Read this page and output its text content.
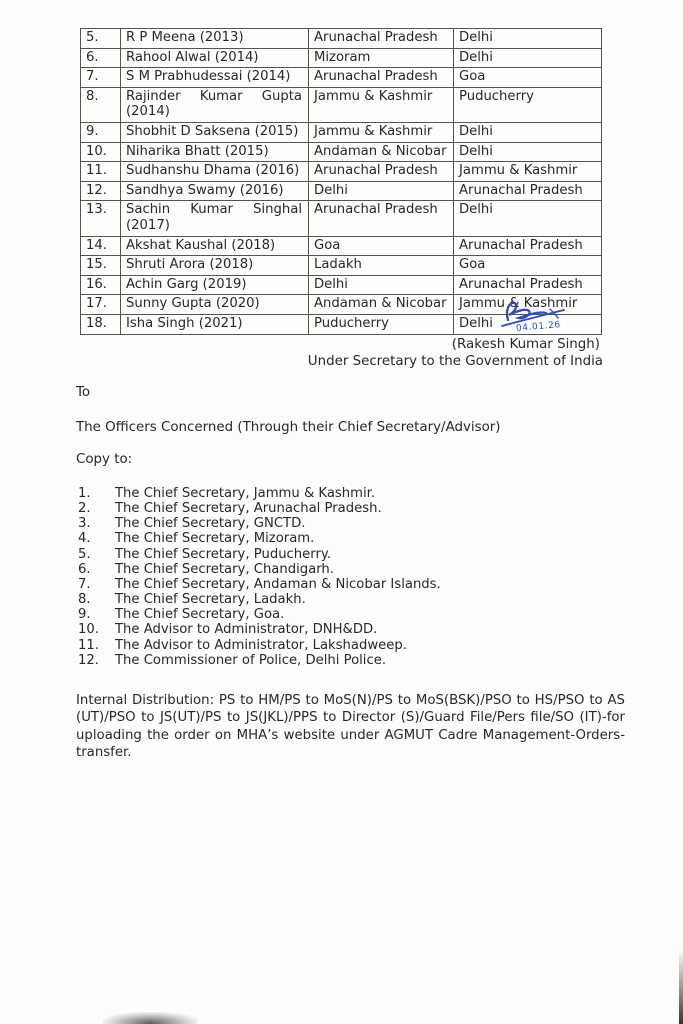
5.	R P Meena (2013)	Arunachal Pradesh	Delhi
6.	Rahool Alwal (2014)	Mizoram	Delhi
7.	S M Prabhudessai (2014)	Arunachal Pradesh	Goa
8.	Rajinder Kumar Gupta (2014)	Jammu & Kashmir	Puducherry
9.	Shobhit D Saksena (2015)	Jammu & Kashmir	Delhi
10.	Niharika Bhatt (2015)	Andaman & Nicobar	Delhi
11.	Sudhanshu Dhama (2016)	Arunachal Pradesh	Jammu & Kashmir
12.	Sandhya Swamy (2016)	Delhi	Arunachal Pradesh
13.	Sachin Kumar Singhal (2017)	Arunachal Pradesh	Delhi
14.	Akshat Kaushal (2018)	Goa	Arunachal Pradesh
15.	Shruti Arora (2018)	Ladakh	Goa
16.	Achin Garg (2019)	Delhi	Arunachal Pradesh
17.	Sunny Gupta (2020)	Andaman & Nicobar	Jammu & Kashmir
18.	Isha Singh (2021)	Puducherry	Delhi	04.01.26
(Rakesh Kumar Singh)
Under Secretary to the Government of India
To
The Officers Concerned (Through their Chief Secretary/Advisor)
Copy to:
1.	The Chief Secretary, Jammu & Kashmir.
2.	The Chief Secretary, Arunachal Pradesh.
3.	The Chief Secretary, GNCTD.
4.	The Chief Secretary, Mizoram.
5.	The Chief Secretary, Puducherry.
6.	The Chief Secretary, Chandigarh.
7.	The Chief Secretary, Andaman & Nicobar Islands.
8.	The Chief Secretary, Ladakh.
9.	The Chief Secretary, Goa.
10.	The Advisor to Administrator, DNH&DD.
11.	The Advisor to Administrator, Lakshadweep.
12.	The Commissioner of Police, Delhi Police.
Internal Distribution: PS to HM/PS to MoS(N)/PS to MoS(BSK)/PSO to HS/PSO to AS (UT)/PSO to JS(UT)/PS to JS(JKL)/PPS to Director (S)/Guard File/Pers file/SO (IT)-for uploading the order on MHA’s website under AGMUT Cadre Management-Orders-transfer.
